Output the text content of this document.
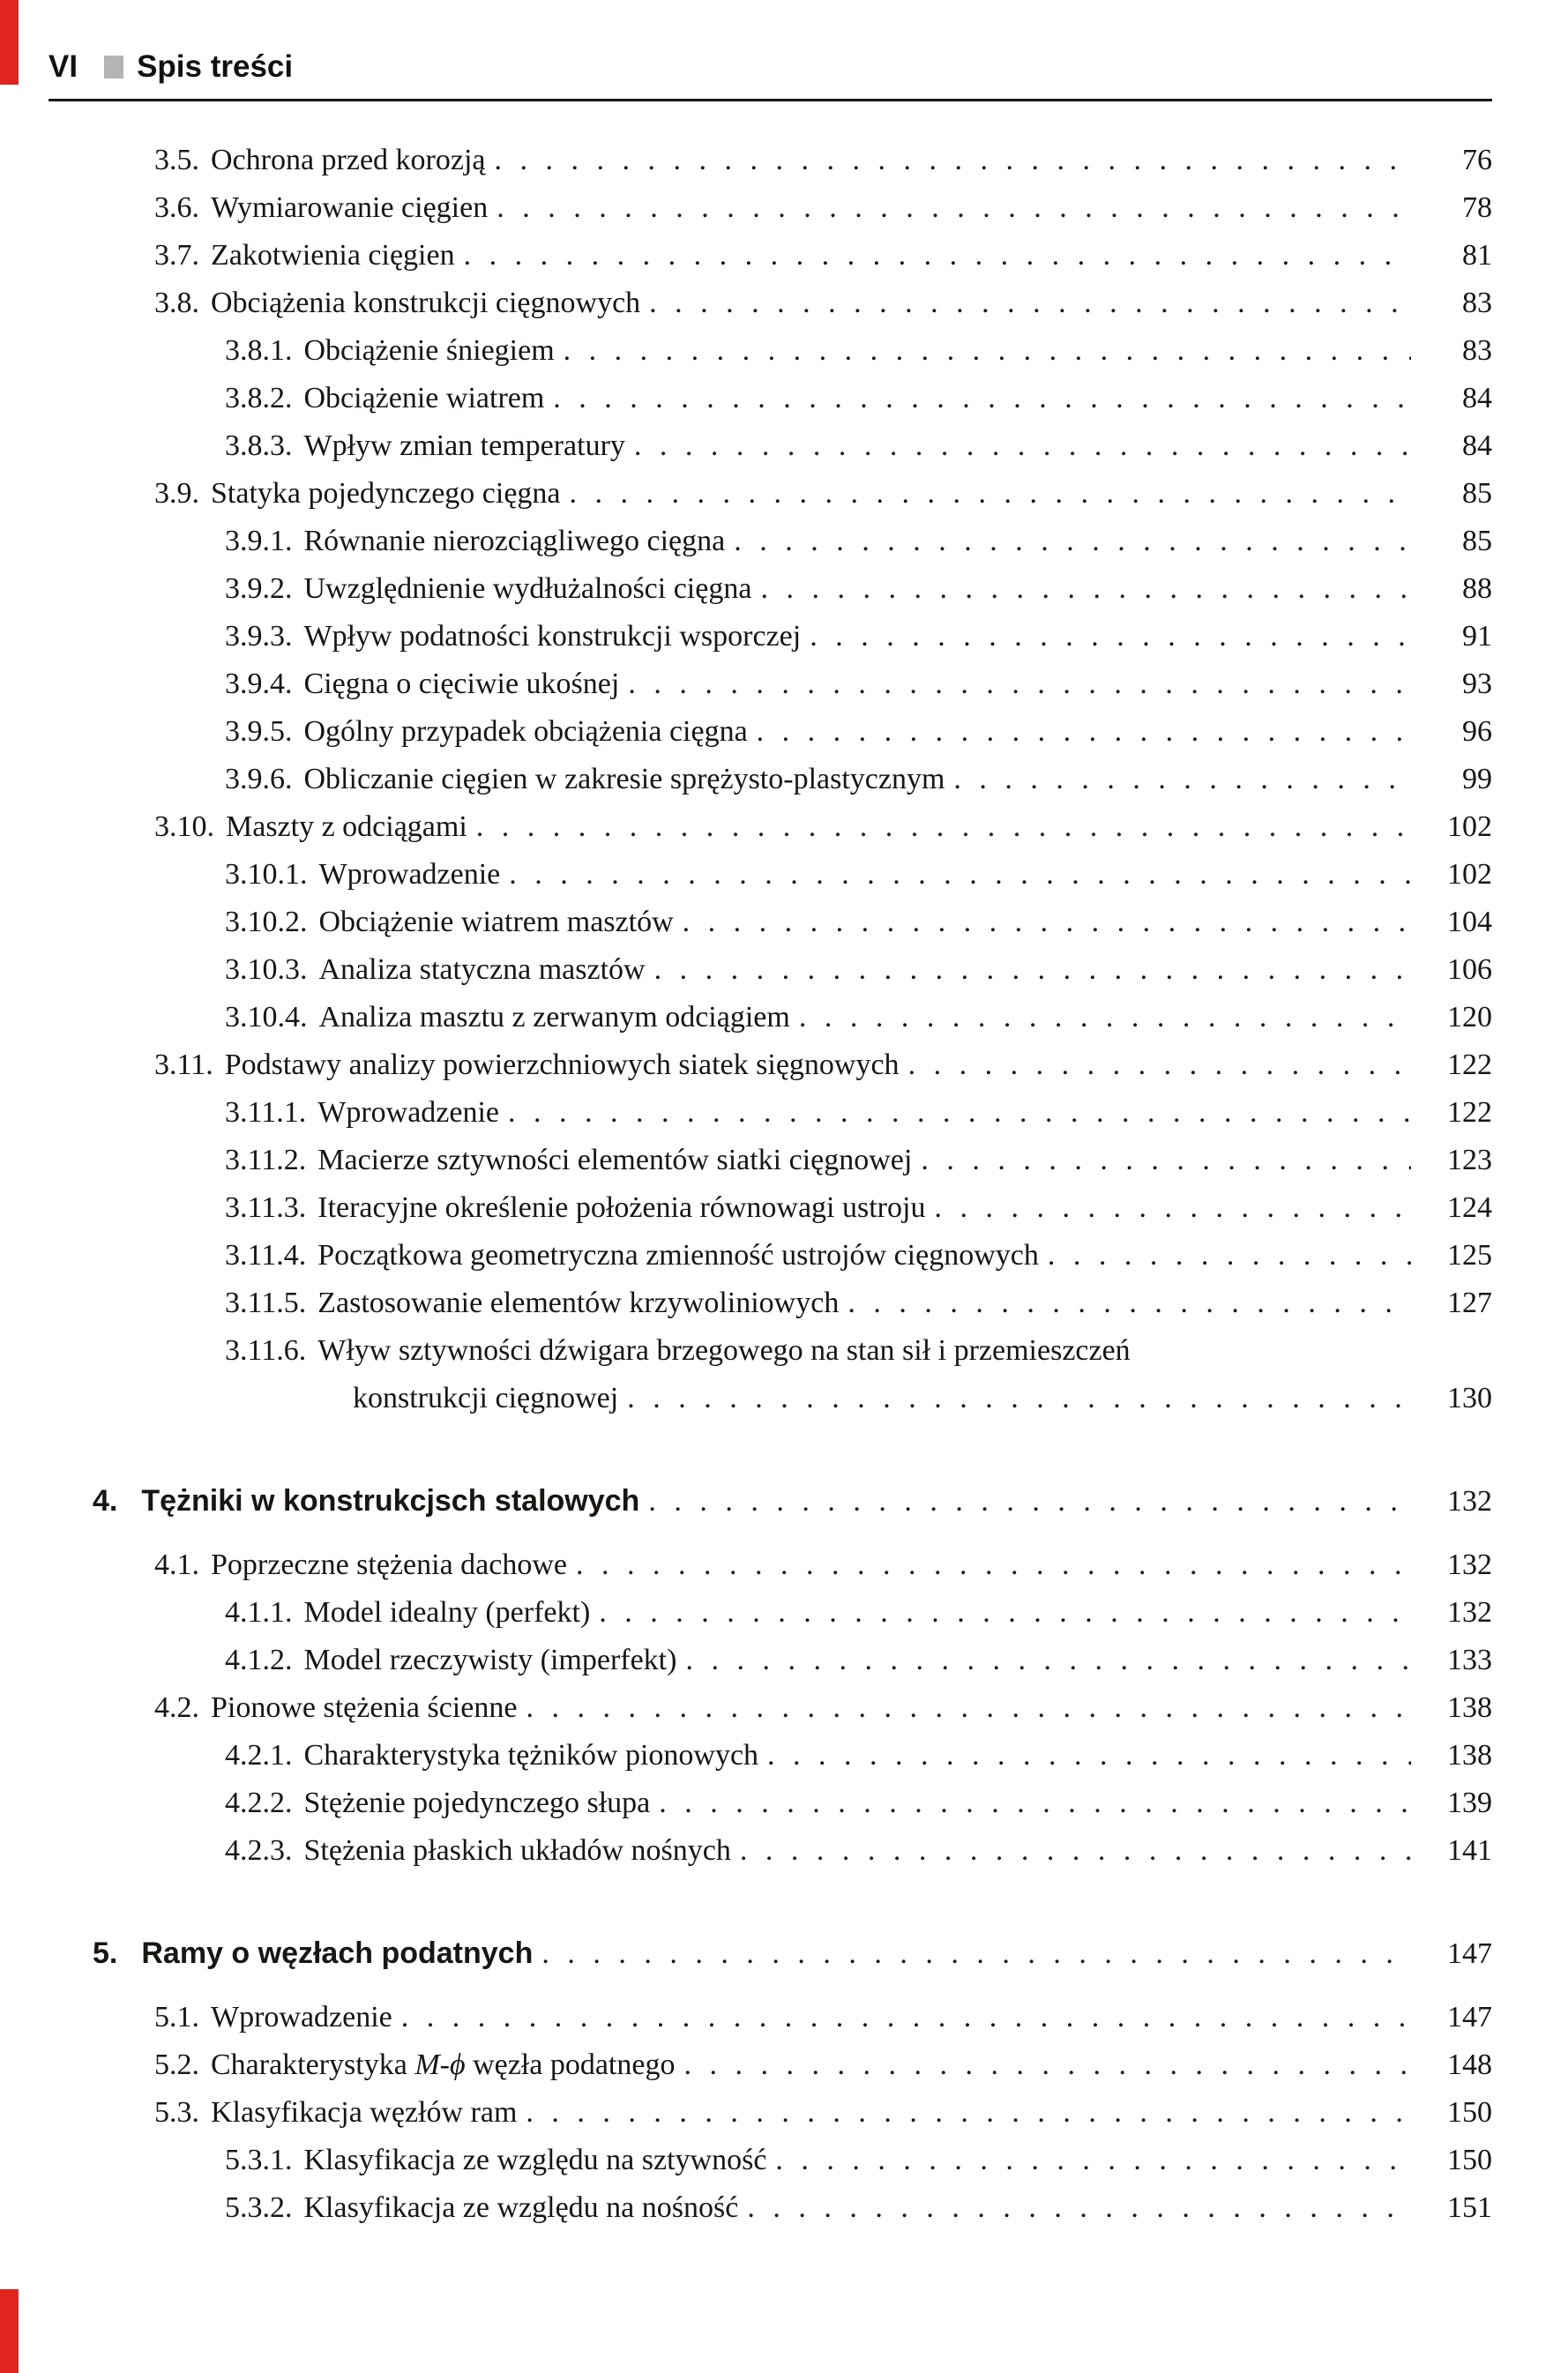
VI Spis treści
3.5. Ochrona przed korozją . . .	76
3.6. Wymiarowanie cięgien . . .	78
3.7. Zakotwienia cięgien . . .	81
3.8. Obciążenia konstrukcji cięgnowych . . .	83
3.8.1. Obciążenie śniegiem . . .	83
3.8.2. Obciążenie wiatrem . . .	84
3.8.3. Wpływ zmian temperatury . . .	84
3.9. Statyka pojedynczego cięgna . . .	85
3.9.1. Równanie nierozciągliwego cięgna . . .	85
3.9.2. Uwzględnienie wydłużalności cięgna . . .	88
3.9.3. Wpływ podatności konstrukcji wsporczej . . .	91
3.9.4. Cięgna o cięciwie ukośnej . . .	93
3.9.5. Ogólny przypadek obciążenia cięgna . . .	96
3.9.6. Obliczanie cięgien w zakresie sprężysto-plastycznym . . .	99
3.10. Maszty z odciągami . . .	102
3.10.1. Wprowadzenie . . .	102
3.10.2. Obciążenie wiatrem masztów . . .	104
3.10.3. Analiza statyczna masztów . . .	106
3.10.4. Analiza masztu z zerwanym odciągiem . . .	120
3.11. Podstawy analizy powierzchniowych siatek sięgnowych . . .	122
3.11.1. Wprowadzenie . . .	122
3.11.2. Macierze sztywności elementów siatki cięgnowej . . .	123
3.11.3. Iteracyjne określenie położenia równowagi ustroju . . .	124
3.11.4. Początkowa geometryczna zmienność ustrojów cięgnowych . . .	125
3.11.5. Zastosowanie elementów krzywoliniowych . . .	127
3.11.6. Wływ sztywności dźwigara brzegowego na stan sił i przemieszczeń
konstrukcji cięgnowej . . .	130
4. Tężniki w konstrukcjsch stalowych . . .	132
4.1. Poprzeczne stężenia dachowe . . .	132
4.1.1. Model idealny (perfekt) . . .	132
4.1.2. Model rzeczywisty (imperfekt) . . .	133
4.2. Pionowe stężenia ścienne . . .	138
4.2.1. Charakterystyka tężników pionowych . . .	138
4.2.2. Stężenie pojedynczego słupa . . .	139
4.2.3. Stężenia płaskich układów nośnych . . .	141
5. Ramy o węzłach podatnych . . .	147
5.1. Wprowadzenie . . .	147
5.2. Charakterystyka M-ϕ węzła podatnego . . .	148
5.3. Klasyfikacja węzłów ram . . .	150
5.3.1. Klasyfikacja ze względu na sztywność . . .	150
5.3.2. Klasyfikacja ze względu na nośność . . .	151
